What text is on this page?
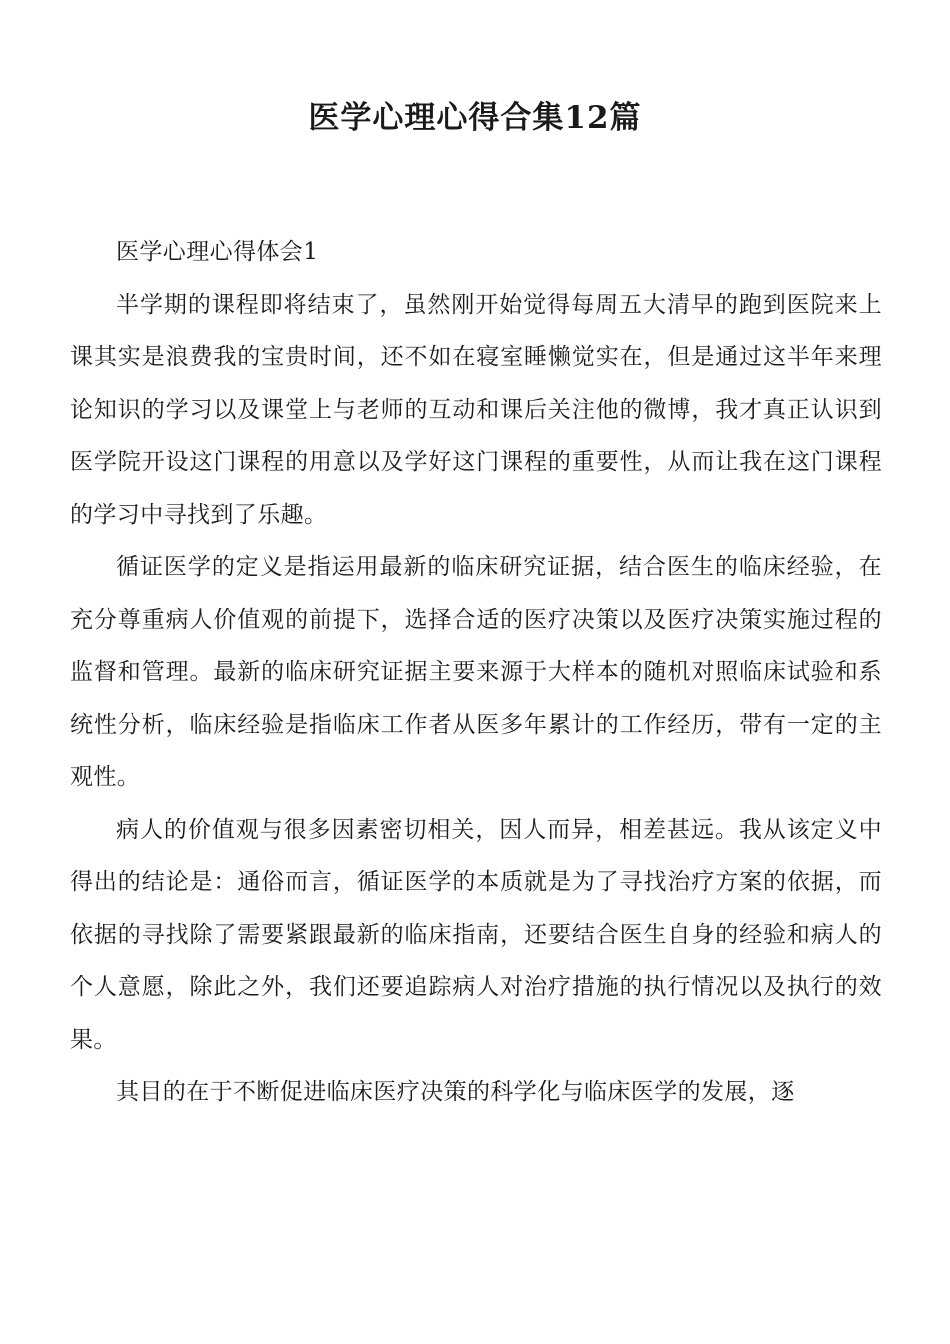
医学心理心得合集12篇

医学心理心得体会1

半学期的课程即将结束了，虽然刚开始觉得每周五大清早的跑到医院来上课其实是浪费我的宝贵时间，还不如在寝室睡懒觉实在，但是通过这半年来理论知识的学习以及课堂上与老师的互动和课后关注他的微博，我才真正认识到医学院开设这门课程的用意以及学好这门课程的重要性，从而让我在这门课程的学习中寻找到了乐趣。

循证医学的定义是指运用最新的临床研究证据，结合医生的临床经验，在充分尊重病人价值观的前提下，选择合适的医疗决策以及医疗决策实施过程的监督和管理。最新的临床研究证据主要来源于大样本的随机对照临床试验和系统性分析，临床经验是指临床工作者从医多年累计的工作经历，带有一定的主观性。

病人的价值观与很多因素密切相关，因人而异，相差甚远。我从该定义中得出的结论是：通俗而言，循证医学的本质就是为了寻找治疗方案的依据，而依据的寻找除了需要紧跟最新的临床指南，还要结合医生自身的经验和病人的个人意愿，除此之外，我们还要追踪病人对治疗措施的执行情况以及执行的效果。

其目的在于不断促进临床医疗决策的科学化与临床医学的发展，逐
